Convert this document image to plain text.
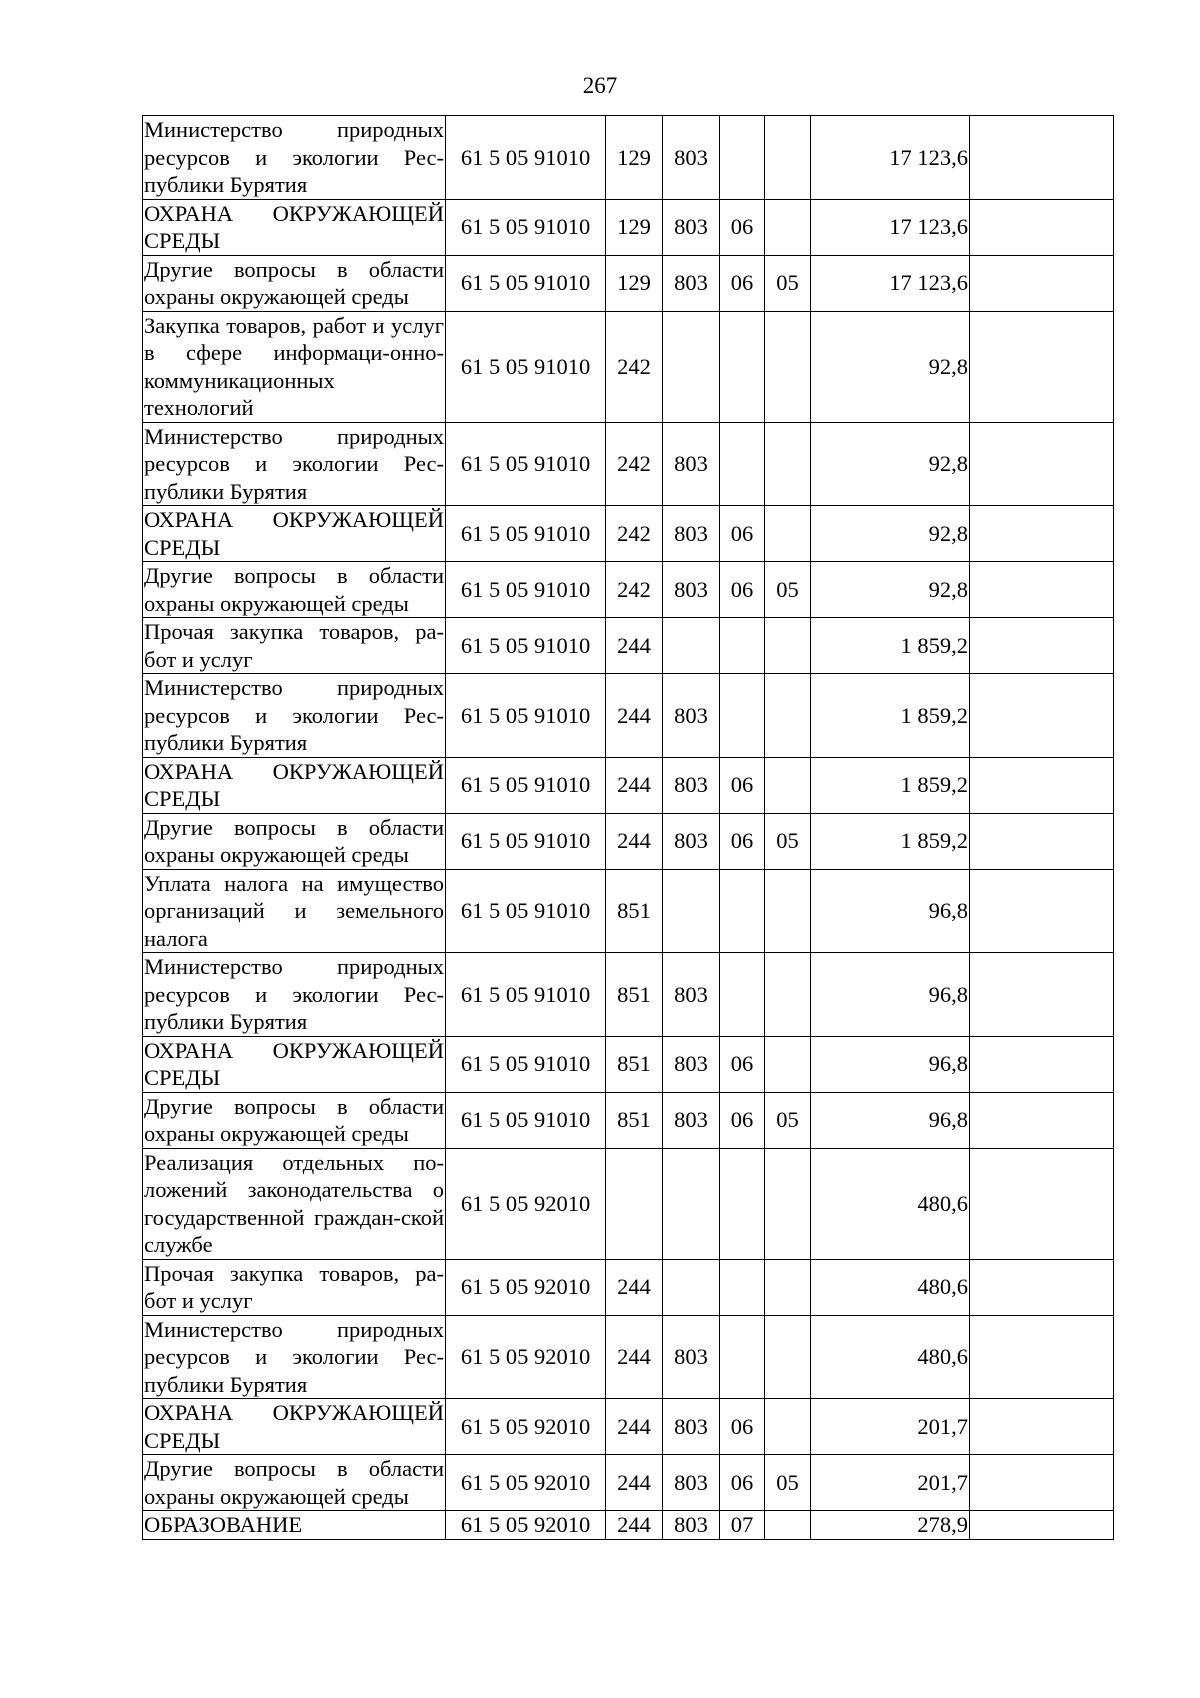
267
Министерство природных ресурсов и экологии Рес-публики Бурятия	61 5 05 91010	129	803			17 123,6	
ОХРАНА ОКРУЖАЮЩЕЙ СРЕДЫ	61 5 05 91010	129	803	06		17 123,6	
Другие вопросы в области охраны окружающей среды	61 5 05 91010	129	803	06	05	17 123,6	
Закупка товаров, работ и услуг в сфере информаци-онно-коммуникационных технологий	61 5 05 91010	242				92,8	
Министерство природных ресурсов и экологии Рес-публики Бурятия	61 5 05 91010	242	803			92,8	
ОХРАНА ОКРУЖАЮЩЕЙ СРЕДЫ	61 5 05 91010	242	803	06		92,8	
Другие вопросы в области охраны окружающей среды	61 5 05 91010	242	803	06	05	92,8	
Прочая закупка товаров, ра-бот и услуг	61 5 05 91010	244				1 859,2	
Министерство природных ресурсов и экологии Рес-публики Бурятия	61 5 05 91010	244	803			1 859,2	
ОХРАНА ОКРУЖАЮЩЕЙ СРЕДЫ	61 5 05 91010	244	803	06		1 859,2	
Другие вопросы в области охраны окружающей среды	61 5 05 91010	244	803	06	05	1 859,2	
Уплата налога на имущество организаций и земельного налога	61 5 05 91010	851				96,8	
Министерство природных ресурсов и экологии Рес-публики Бурятия	61 5 05 91010	851	803			96,8	
ОХРАНА ОКРУЖАЮЩЕЙ СРЕДЫ	61 5 05 91010	851	803	06		96,8	
Другие вопросы в области охраны окружающей среды	61 5 05 91010	851	803	06	05	96,8	
Реализация отдельных по-ложений законодательства о государственной граждан-ской службе	61 5 05 92010					480,6	
Прочая закупка товаров, ра-бот и услуг	61 5 05 92010	244				480,6	
Министерство природных ресурсов и экологии Рес-публики Бурятия	61 5 05 92010	244	803			480,6	
ОХРАНА ОКРУЖАЮЩЕЙ СРЕДЫ	61 5 05 92010	244	803	06		201,7	
Другие вопросы в области охраны окружающей среды	61 5 05 92010	244	803	06	05	201,7	
ОБРАЗОВАНИЕ	61 5 05 92010	244	803	07		278,9	
